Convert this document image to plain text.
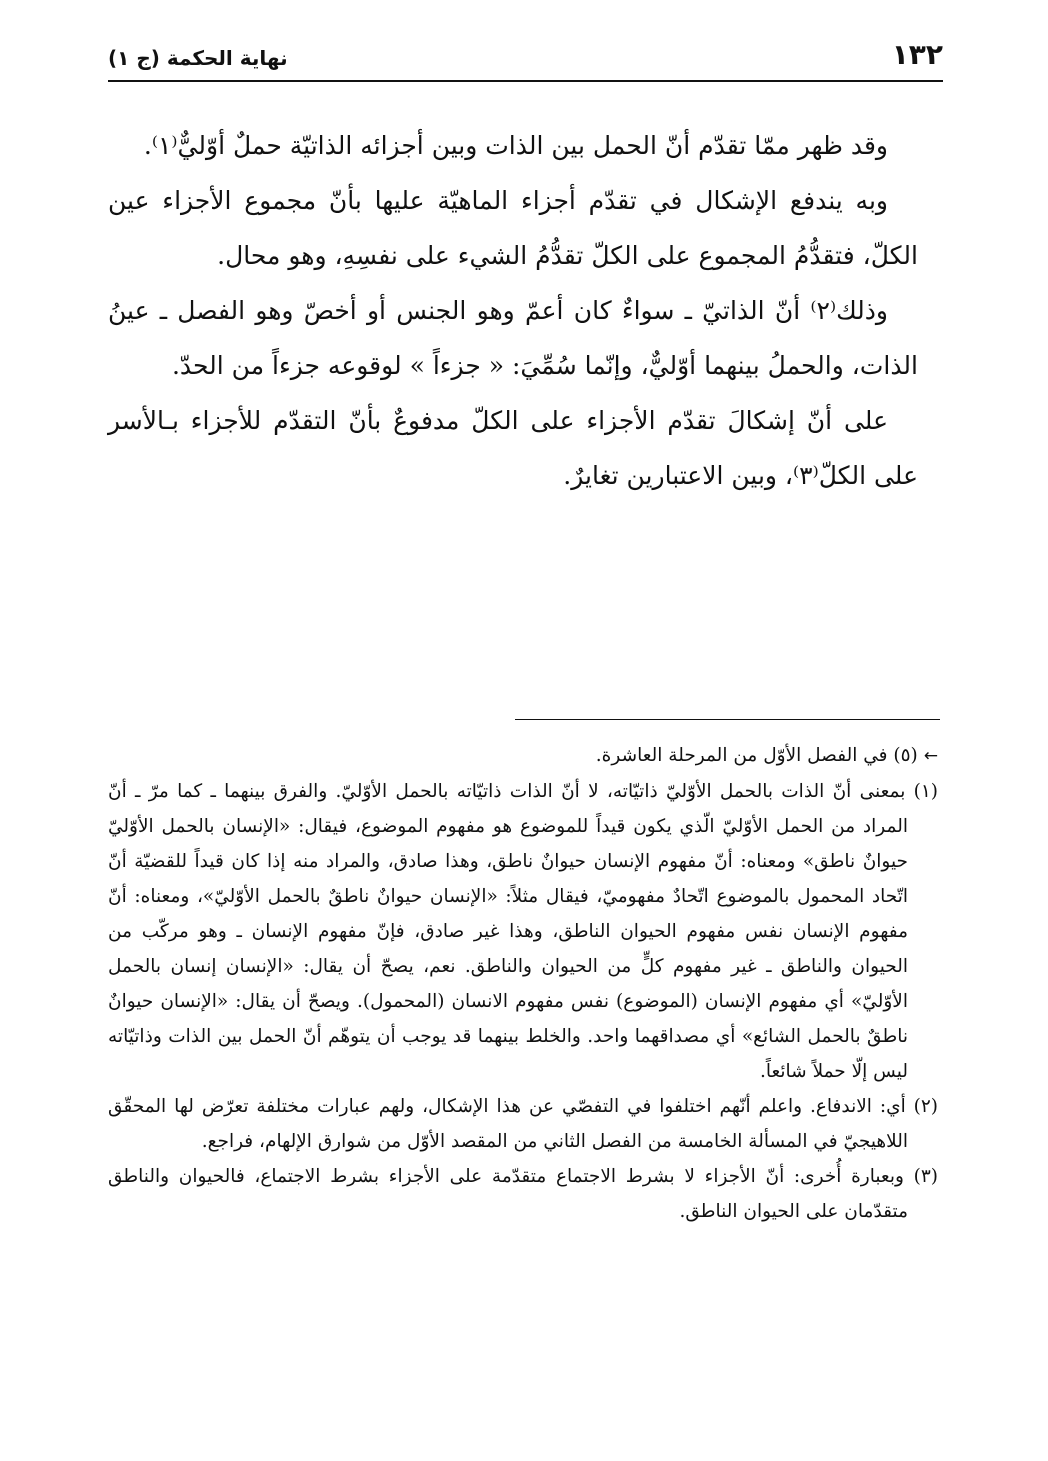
١٣٢
نهاية الحكمة (ج ١)

وقد ظهر ممّا تقدّم أنّ الحمل بين الذات وبين أجزائه الذاتيّة حملٌ أوّليٌّ⁽١⁾.

وبه يندفع الإشكال في تقدّم أجزاء الماهيّة عليها بأنّ مجموع الأجزاء عين الكلّ، فتقدُّمُ المجموع على الكلّ تقدُّمُ الشيء على نفسِهِ، وهو محال.

وذلك⁽٢⁾ أنّ الذاتيّ ـ سواءٌ كان أعمّ وهو الجنس أو أخصّ وهو الفصل ـ عينُ الذات، والحملُ بينهما أوّليٌّ، وإنّما سُمِّيَ: « جزءاً » لوقوعه جزءاً من الحدّ.

على أنّ إشكالَ تقدّم الأجزاء على الكلّ مدفوعٌ بأنّ التقدّم للأجزاء بـالأسر على الكلّ⁽٣⁾، وبين الاعتبارين تغايرٌ.

←(٥) في الفصل الأوّل من المرحلة العاشرة.

(١) بمعنى أنّ الذات بالحمل الأوّليّ ذاتيّاته، لا أنّ الذات ذاتيّاته بالحمل الأوّليّ. والفرق بينهما ـ كما مرّ ـ أنّ المراد من الحمل الأوّليّ الّذي يكون قيداً للموضوع هو مفهوم الموضوع، فيقال: «الإنسان بالحمل الأوّليّ حيوانٌ ناطق» ومعناه: أنّ مفهوم الإنسان حيوانٌ ناطق، وهذا صادق، والمراد منه إذا كان قيداً للقضيّة أنّ اتّحاد المحمول بالموضوع اتّحادٌ مفهوميّ، فيقال مثلاً: «الإنسان حيوانٌ ناطقٌ بالحمل الأوّليّ»، ومعناه: أنّ مفهوم الإنسان نفس مفهوم الحيوان الناطق، وهذا غير صادق، فإنّ مفهوم الإنسان ـ وهو مركّب من الحيوان والناطق ـ غير مفهوم كلٍّ من الحيوان والناطق. نعم، يصحّ أن يقال: «الإنسان إنسان بالحمل الأوّليّ» أي مفهوم الإنسان (الموضوع) نفس مفهوم الانسان (المحمول). ويصحّ أن يقال: «الإنسان حيوانٌ ناطقٌ بالحمل الشائع» أي مصداقهما واحد. والخلط بينهما قد يوجب أن يتوهّم أنّ الحمل بين الذات وذاتيّاته ليس إلّا حملاً شائعاً.

(٢) أي: الاندفاع. واعلم أنّهم اختلفوا في التفصّي عن هذا الإشكال، ولهم عبارات مختلفة تعرّض لها المحقّق اللاهيجيّ في المسألة الخامسة من الفصل الثاني من المقصد الأوّل من شوارق الإلهام، فراجع.

(٣) وبعبارة أُخرى: أنّ الأجزاء لا بشرط الاجتماع متقدّمة على الأجزاء بشرط الاجتماع، فالحيوان والناطق متقدّمان على الحيوان الناطق.
